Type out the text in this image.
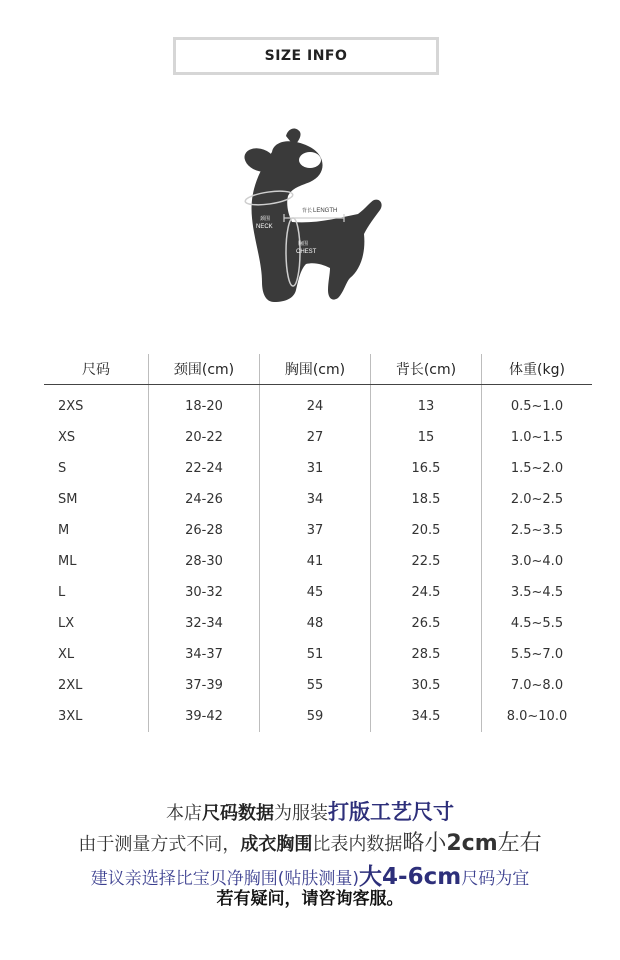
SIZE INFO
背长 LENGTH
颈围
NECK
胸围
CHEST
尺码	颈围(cm)	胸围(cm)	背长(cm)	体重(kg)

2XS	18-20	24	13	0.5~1.0
XS	20-22	27	15	1.0~1.5
S	22-24	31	16.5	1.5~2.0
SM	24-26	34	18.5	2.0~2.5
M	26-28	37	20.5	2.5~3.5
ML	28-30	41	22.5	3.0~4.0
L	30-32	45	24.5	3.5~4.5
LX	32-34	48	26.5	4.5~5.5
XL	34-37	51	28.5	5.5~7.0
2XL	37-39	55	30.5	7.0~8.0
3XL	39-42	59	34.5	8.0~10.0
本店尺码数据为服装打版工艺尺寸
由于测量方式不同，成衣胸围比表内数据略小2cm左右
建议亲选择比宝贝净胸围(贴肤测量)大4-6cm尺码为宜
若有疑问，请咨询客服。
